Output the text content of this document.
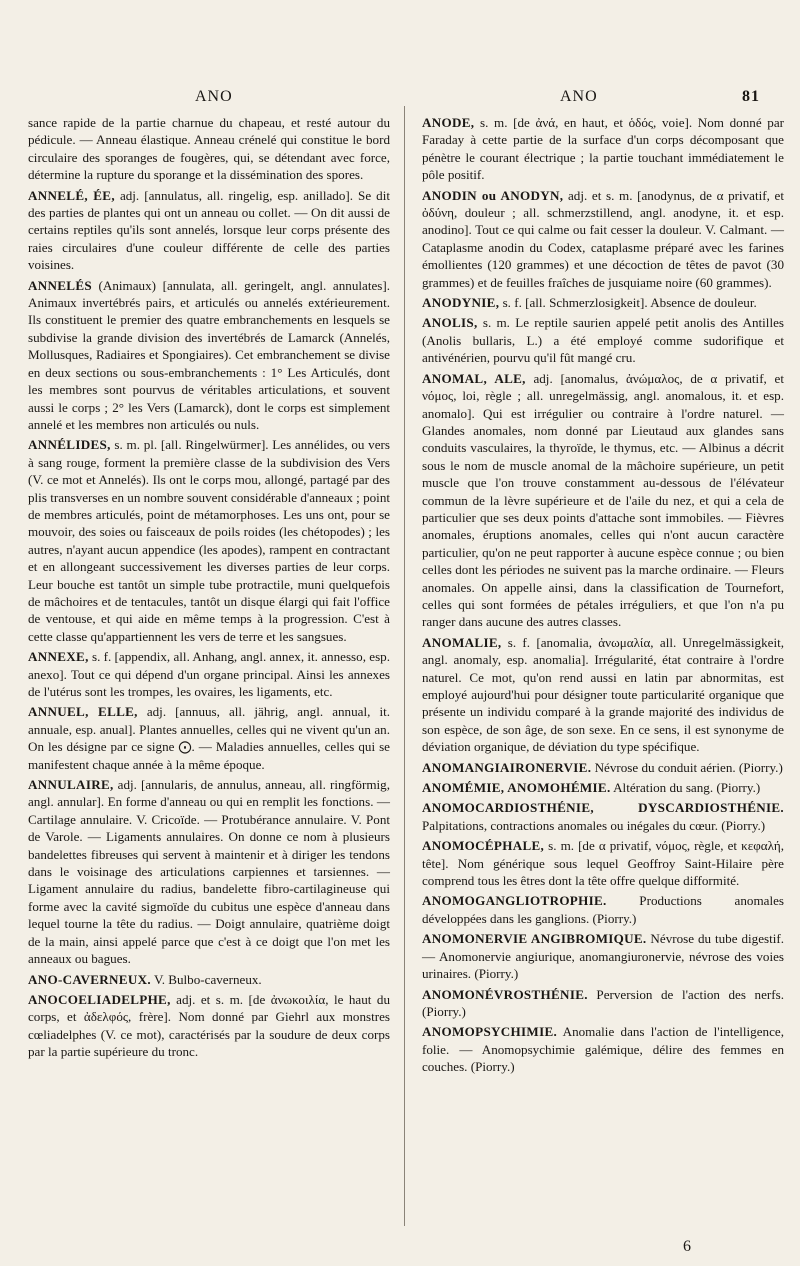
ANO	ANO	81

sance rapide de la partie charnue du chapeau, et resté autour du pédicule. — Anneau élastique. Anneau crénelé qui constitue le bord circulaire des sporanges de fougères, qui, se détendant avec force, détermine la rupture du sporange et la dissémination des spores.

ANNELÉ, ÉE, adj. [annulatus, all. ringelig, esp. anillado]. Se dit des parties de plantes qui ont un anneau ou collet. — On dit aussi de certains reptiles qu'ils sont annelés, lorsque leur corps présente des raies circulaires d'une couleur différente de celle des parties voisines.

ANNELÉS (Animaux) [annulata, all. geringelt, angl. annulates]. Animaux invertébrés pairs, et articulés ou annelés extérieurement. Ils constituent le premier des quatre embranchements en lesquels se subdivise la grande division des invertébrés de Lamarck (Annelés, Mollusques, Radiaires et Spongiaires). Cet embranchement se divise en deux sections ou sous-embranchements : 1° Les Articulés, dont les membres sont pourvus de véritables articulations, et souvent aussi le corps ; 2° les Vers (Lamarck), dont le corps est simplement annelé et les membres non articulés ou nuls.

ANNÉLIDES, s. m. pl. [all. Ringelwürmer]. Les annélides, ou vers à sang rouge, forment la première classe de la subdivision des Vers (V. ce mot et Annelés). Ils ont le corps mou, allongé, partagé par des plis transverses en un nombre souvent considérable d'anneaux ; point de membres articulés, point de métamorphoses. Les uns ont, pour se mouvoir, des soies ou faisceaux de poils roides (les chétopodes) ; les autres, n'ayant aucun appendice (les apodes), rampent en contractant et en allongeant successivement les diverses parties de leur corps. Leur bouche est tantôt un simple tube protractile, muni quelquefois de mâchoires et de tentacules, tantôt un disque élargi qui fait l'office de ventouse, et qui aide en même temps à la progression. C'est à cette classe qu'appartiennent les vers de terre et les sangsues.

ANNEXE, s. f. [appendix, all. Anhang, angl. annex, it. annesso, esp. anexo]. Tout ce qui dépend d'un organe principal. Ainsi les annexes de l'utérus sont les trompes, les ovaires, les ligaments, etc.

ANNUEL, ELLE, adj. [annuus, all. jährig, angl. annual, it. annuale, esp. anual]. Plantes annuelles, celles qui ne vivent qu'un an. On les désigne par ce signe ⨀. — Maladies annuelles, celles qui se manifestent chaque année à la même époque.

ANNULAIRE, adj. [annularis, de annulus, anneau, all. ringförmig, angl. annular]. En forme d'anneau ou qui en remplit les fonctions. — Cartilage annulaire. V. Cricoïde. — Protubérance annulaire. V. Pont de Varole. — Ligaments annulaires. On donne ce nom à plusieurs bandelettes fibreuses qui servent à maintenir et à diriger les tendons dans le voisinage des articulations carpiennes et tarsiennes. — Ligament annulaire du radius, bandelette fibro-cartilagineuse qui forme avec la cavité sigmoïde du cubitus une espèce d'anneau dans lequel tourne la tête du radius. — Doigt annulaire, quatrième doigt de la main, ainsi appelé parce que c'est à ce doigt que l'on met les anneaux ou bagues.

ANO-CAVERNEUX. V. Bulbo-caverneux.

ANOCOELIADELPHE, adj. et s. m. [de ἀνωκοιλία, le haut du corps, et ἀδελφός, frère]. Nom donné par Giehrl aux monstres cœliadelphes (V. ce mot), caractérisés par la soudure de deux corps par la partie supérieure du tronc.

ANODE, s. m. [de ἀνά, en haut, et ὁδός, voie]. Nom donné par Faraday à cette partie de la surface d'un corps décomposant que pénètre le courant électrique ; la partie touchant immédiatement le pôle positif.

ANODIN ou ANODYN, adj. et s. m. [anodynus, de α privatif, et ὀδύνη, douleur ; all. schmerzstillend, angl. anodyne, it. et esp. anodino]. Tout ce qui calme ou fait cesser la douleur. V. Calmant. — Cataplasme anodin du Codex, cataplasme préparé avec les farines émollientes (120 grammes) et une décoction de têtes de pavot (30 grammes) et de feuilles fraîches de jusquiame noire (60 grammes).

ANODYNIE, s. f. [all. Schmerzlosigkeit]. Absence de douleur.

ANOLIS, s. m. Le reptile saurien appelé petit anolis des Antilles (Anolis bullaris, L.) a été employé comme sudorifique et antivénérien, pourvu qu'il fût mangé cru.

ANOMAL, ALE, adj. [anomalus, ἀνώμαλος, de α privatif, et νόμος, loi, règle ; all. unregelmässig, angl. anomalous, it. et esp. anomalo]. Qui est irrégulier ou contraire à l'ordre naturel. — Glandes anomales, nom donné par Lieutaud aux glandes sans conduits vasculaires, la thyroïde, le thymus, etc. — Albinus a décrit sous le nom de muscle anomal de la mâchoire supérieure, un petit muscle que l'on trouve constamment au-dessous de l'élévateur commun de la lèvre supérieure et de l'aile du nez, et qui a cela de particulier que ses deux points d'attache sont immobiles. — Fièvres anomales, éruptions anomales, celles qui n'ont aucun caractère particulier, qu'on ne peut rapporter à aucune espèce connue ; ou bien celles dont les périodes ne suivent pas la marche ordinaire. — Fleurs anomales. On appelle ainsi, dans la classification de Tournefort, celles qui sont formées de pétales irréguliers, et que l'on n'a pu ranger dans aucune des autres classes.

ANOMALIE, s. f. [anomalia, ἀνωμαλία, all. Unregelmässigkeit, angl. anomaly, esp. anomalia]. Irrégularité, état contraire à l'ordre naturel. Ce mot, qu'on rend aussi en latin par abnormitas, est employé aujourd'hui pour désigner toute particularité organique que présente un individu comparé à la grande majorité des individus de son espèce, de son âge, de son sexe. En ce sens, il est synonyme de déviation organique, de déviation du type spécifique.

ANOMANGIAIRONERVIE. Névrose du conduit aérien. (Piorry.)

ANOMÉMIE, ANOMOHÉMIE. Altération du sang. (Piorry.)

ANOMOCARDIOSTHÉNIE, DYSCARDIOSTHÉNIE. Palpitations, contractions anomales ou inégales du cœur. (Piorry.)

ANOMOCÉPHALE, s. m. [de α privatif, νόμος, règle, et κεφαλή, tête]. Nom générique sous lequel Geoffroy Saint-Hilaire père comprend tous les êtres dont la tête offre quelque difformité.

ANOMOGANGLIOTROPHIE. Productions anomales développées dans les ganglions. (Piorry.)

ANOMONERVIE ANGIBROMIQUE. Névrose du tube digestif. — Anomonervie angiurique, anomangiuronervie, névrose des voies urinaires. (Piorry.)

ANOMONÉVROSTHÉNIE. Perversion de l'action des nerfs. (Piorry.)

ANOMOPSYCHIMIE. Anomalie dans l'action de l'intelligence, folie. — Anomopsychimie galémique, délire des femmes en couches. (Piorry.)

6
